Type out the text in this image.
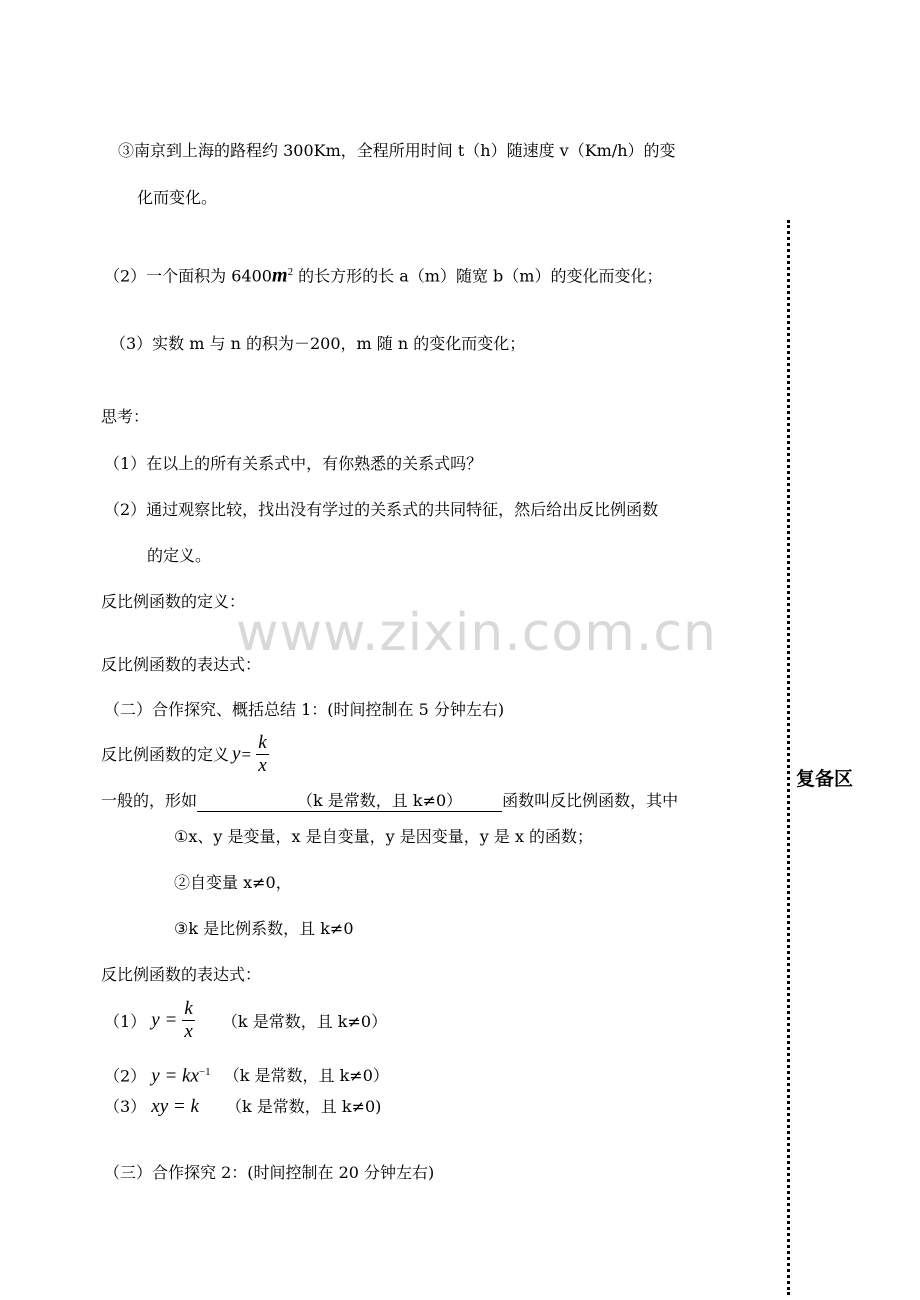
③南京到上海的路程约 300Km，全程所用时间 t（h）随速度 v（Km/h）的变
化而变化。
（2）一个面积为 $6400m^2$ 的长方形的长 a（m）随宽 b（m）的变化而变化；
（3）实数 m 与 n 的积为－200，m 随 n 的变化而变化；
思考：
（1）在以上的所有关系式中，有你熟悉的关系式吗？
（2）通过观察比较，找出没有学过的关系式的共同特征，然后给出反比例函数
的定义。
反比例函数的定义：
www.zixin.com.cn
反比例函数的表达式：
（二）合作探究、概括总结 1：(时间控制在 5 分钟左右)
反比例函数的定义 $y = \frac{k}{x}$
一般的，形如	（k 是常数，且 k≠0）	函数叫反比例函数，其中
①x、y 是变量，x 是自变量，y 是因变量，y 是 x 的函数；
②自变量 x≠0，
③k 是比例系数，且 k≠0
反比例函数的表达式：
（1） $y = \frac{k}{x} (k$ 是常数，且 k≠0）
（2） $y = kx^{-1}$ （k 是常数，且 k≠0）
（3） xy = k （k 是常数，且 k≠0)
（三）合作探究 2：(时间控制在 20 分钟左右)
复备区
